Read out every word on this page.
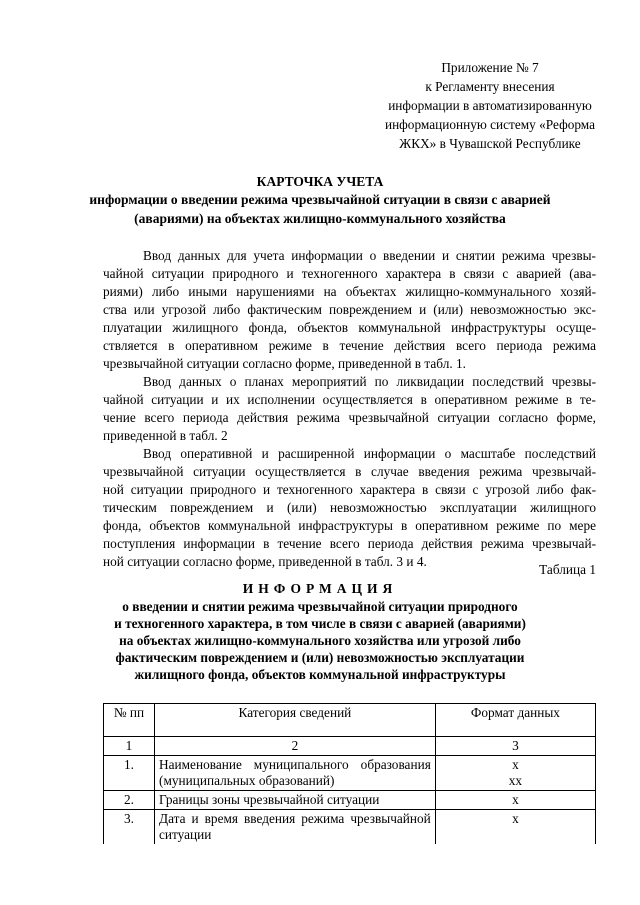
Приложение № 7
к Регламенту внесения
информации в автоматизированную
информационную систему «Реформа
ЖКХ» в Чувашской Республике
КАРТОЧКА УЧЕТА
информации о введении режима чрезвычайной ситуации в связи с аварией
(авариями) на объектах жилищно-коммунального хозяйства
Ввод данных для учета информации о введении и снятии режима чрезвы-
чайной ситуации природного и техногенного характера в связи с аварией (ава-
риями) либо иными нарушениями на объектах жилищно-коммунального хозяй-
ства или угрозой либо фактическим повреждением и (или) невозможностью экс-
плуатации жилищного фонда, объектов коммунальной инфраструктуры осуще-
ствляется в оперативном режиме в течение действия всего периода режима
чрезвычайной ситуации согласно форме, приведенной в табл. 1.
Ввод данных о планах мероприятий по ликвидации последствий чрезвы-
чайной ситуации и их исполнении осуществляется в оперативном режиме в те-
чение всего периода действия режима чрезвычайной ситуации согласно форме,
приведенной в табл. 2
Ввод оперативной и расширенной информации о масштабе последствий
чрезвычайной ситуации осуществляется в случае введения режима чрезвычай-
ной ситуации природного и техногенного характера в связи с угрозой либо фак-
тическим повреждением и (или) невозможностью эксплуатации жилищного
фонда, объектов коммунальной инфраструктуры в оперативном режиме по мере
поступления информации в течение всего периода действия режима чрезвычай-
ной ситуации согласно форме, приведенной в табл. 3 и 4.
Таблица 1
ИНФОРМАЦИЯ
о введении и снятии режима чрезвычайной ситуации природного
и техногенного характера, в том числе в связи с аварией (авариями)
на объектах жилищно-коммунального хозяйства или угрозой либо
фактическим повреждением и (или) невозможностью эксплуатации
жилищного фонда, объектов коммунальной инфраструктуры
№ пп	Категория сведений	Формат данных
1	2	3
1.	Наименование муниципального образования (муниципальных образований)	x
xx

2.	Границы зоны чрезвычайной ситуации	x

3.	Дата и время введения режима чрезвычайной ситуации	x
